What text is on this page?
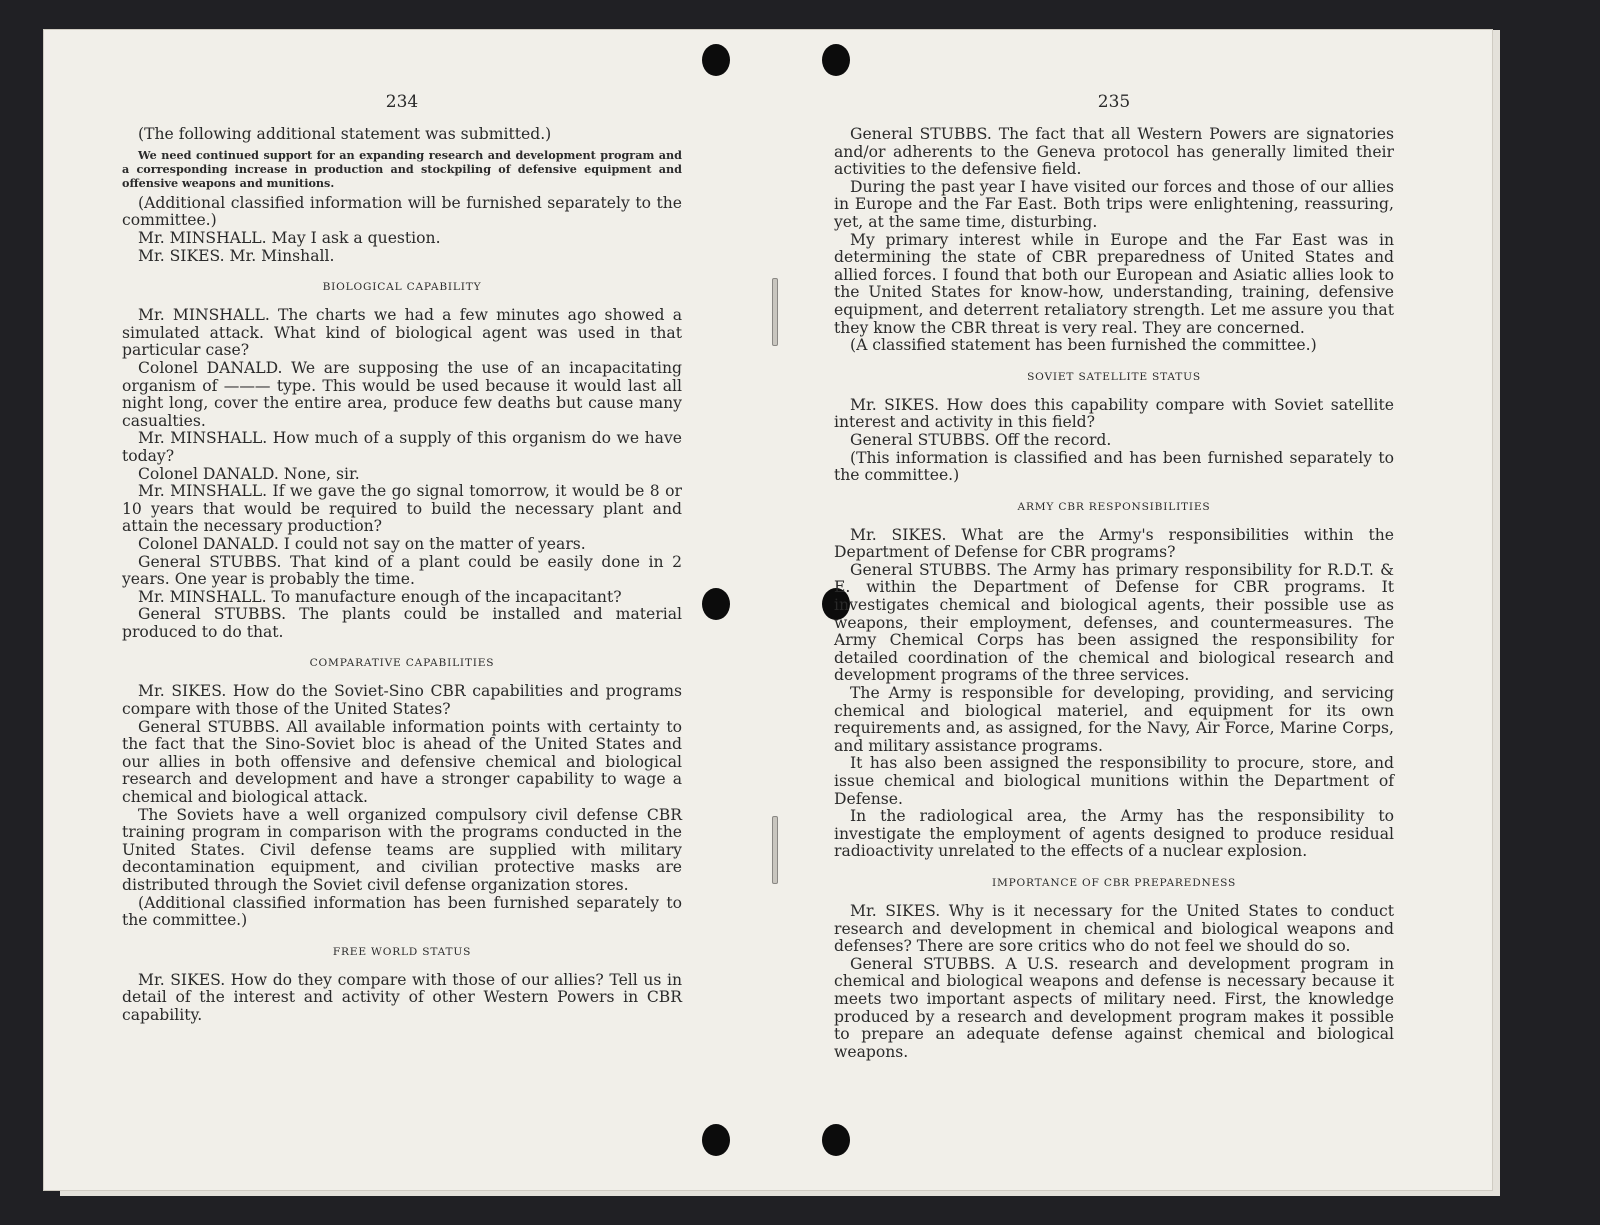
234

(The following additional statement was submitted.)

We need continued support for an expanding research and development program and a corresponding increase in production and stockpiling of defensive equipment and offensive weapons and munitions.

(Additional classified information will be furnished separately to the committee.)

Mr. MINSHALL. May I ask a question.

Mr. SIKES. Mr. Minshall.

BIOLOGICAL CAPABILITY

Mr. MINSHALL. The charts we had a few minutes ago showed a simulated attack. What kind of biological agent was used in that particular case?

Colonel DANALD. We are supposing the use of an incapacitating organism of ——— type. This would be used because it would last all night long, cover the entire area, produce few deaths but cause many casualties.

Mr. MINSHALL. How much of a supply of this organism do we have today?

Colonel DANALD. None, sir.

Mr. MINSHALL. If we gave the go signal tomorrow, it would be 8 or 10 years that would be required to build the necessary plant and attain the necessary production?

Colonel DANALD. I could not say on the matter of years.

General STUBBS. That kind of a plant could be easily done in 2 years. One year is probably the time.

Mr. MINSHALL. To manufacture enough of the incapacitant?

General STUBBS. The plants could be installed and material produced to do that.

COMPARATIVE CAPABILITIES

Mr. SIKES. How do the Soviet-Sino CBR capabilities and programs compare with those of the United States?

General STUBBS. All available information points with certainty to the fact that the Sino-Soviet bloc is ahead of the United States and our allies in both offensive and defensive chemical and biological research and development and have a stronger capability to wage a chemical and biological attack.

The Soviets have a well organized compulsory civil defense CBR training program in comparison with the programs conducted in the United States. Civil defense teams are supplied with military decontamination equipment, and civilian protective masks are distributed through the Soviet civil defense organization stores.

(Additional classified information has been furnished separately to the committee.)

FREE WORLD STATUS

Mr. SIKES. How do they compare with those of our allies? Tell us in detail of the interest and activity of other Western Powers in CBR capability.

235

General STUBBS. The fact that all Western Powers are signatories and/or adherents to the Geneva protocol has generally limited their activities to the defensive field.

During the past year I have visited our forces and those of our allies in Europe and the Far East. Both trips were enlightening, reassuring, yet, at the same time, disturbing.

My primary interest while in Europe and the Far East was in determining the state of CBR preparedness of United States and allied forces. I found that both our European and Asiatic allies look to the United States for know-how, understanding, training, defensive equipment, and deterrent retaliatory strength. Let me assure you that they know the CBR threat is very real. They are concerned.

(A classified statement has been furnished the committee.)

SOVIET SATELLITE STATUS

Mr. SIKES. How does this capability compare with Soviet satellite interest and activity in this field?

General STUBBS. Off the record.

(This information is classified and has been furnished separately to the committee.)

ARMY CBR RESPONSIBILITIES

Mr. SIKES. What are the Army's responsibilities within the Department of Defense for CBR programs?

General STUBBS. The Army has primary responsibility for R.D.T. & E. within the Department of Defense for CBR programs. It investigates chemical and biological agents, their possible use as weapons, their employment, defenses, and countermeasures. The Army Chemical Corps has been assigned the responsibility for detailed coordination of the chemical and biological research and development programs of the three services.

The Army is responsible for developing, providing, and servicing chemical and biological materiel, and equipment for its own requirements and, as assigned, for the Navy, Air Force, Marine Corps, and military assistance programs.

It has also been assigned the responsibility to procure, store, and issue chemical and biological munitions within the Department of Defense.

In the radiological area, the Army has the responsibility to investigate the employment of agents designed to produce residual radioactivity unrelated to the effects of a nuclear explosion.

IMPORTANCE OF CBR PREPAREDNESS

Mr. SIKES. Why is it necessary for the United States to conduct research and development in chemical and biological weapons and defenses? There are sore critics who do not feel we should do so.

General STUBBS. A U.S. research and development program in chemical and biological weapons and defense is necessary because it meets two important aspects of military need. First, the knowledge produced by a research and development program makes it possible to prepare an adequate defense against chemical and biological weapons.
